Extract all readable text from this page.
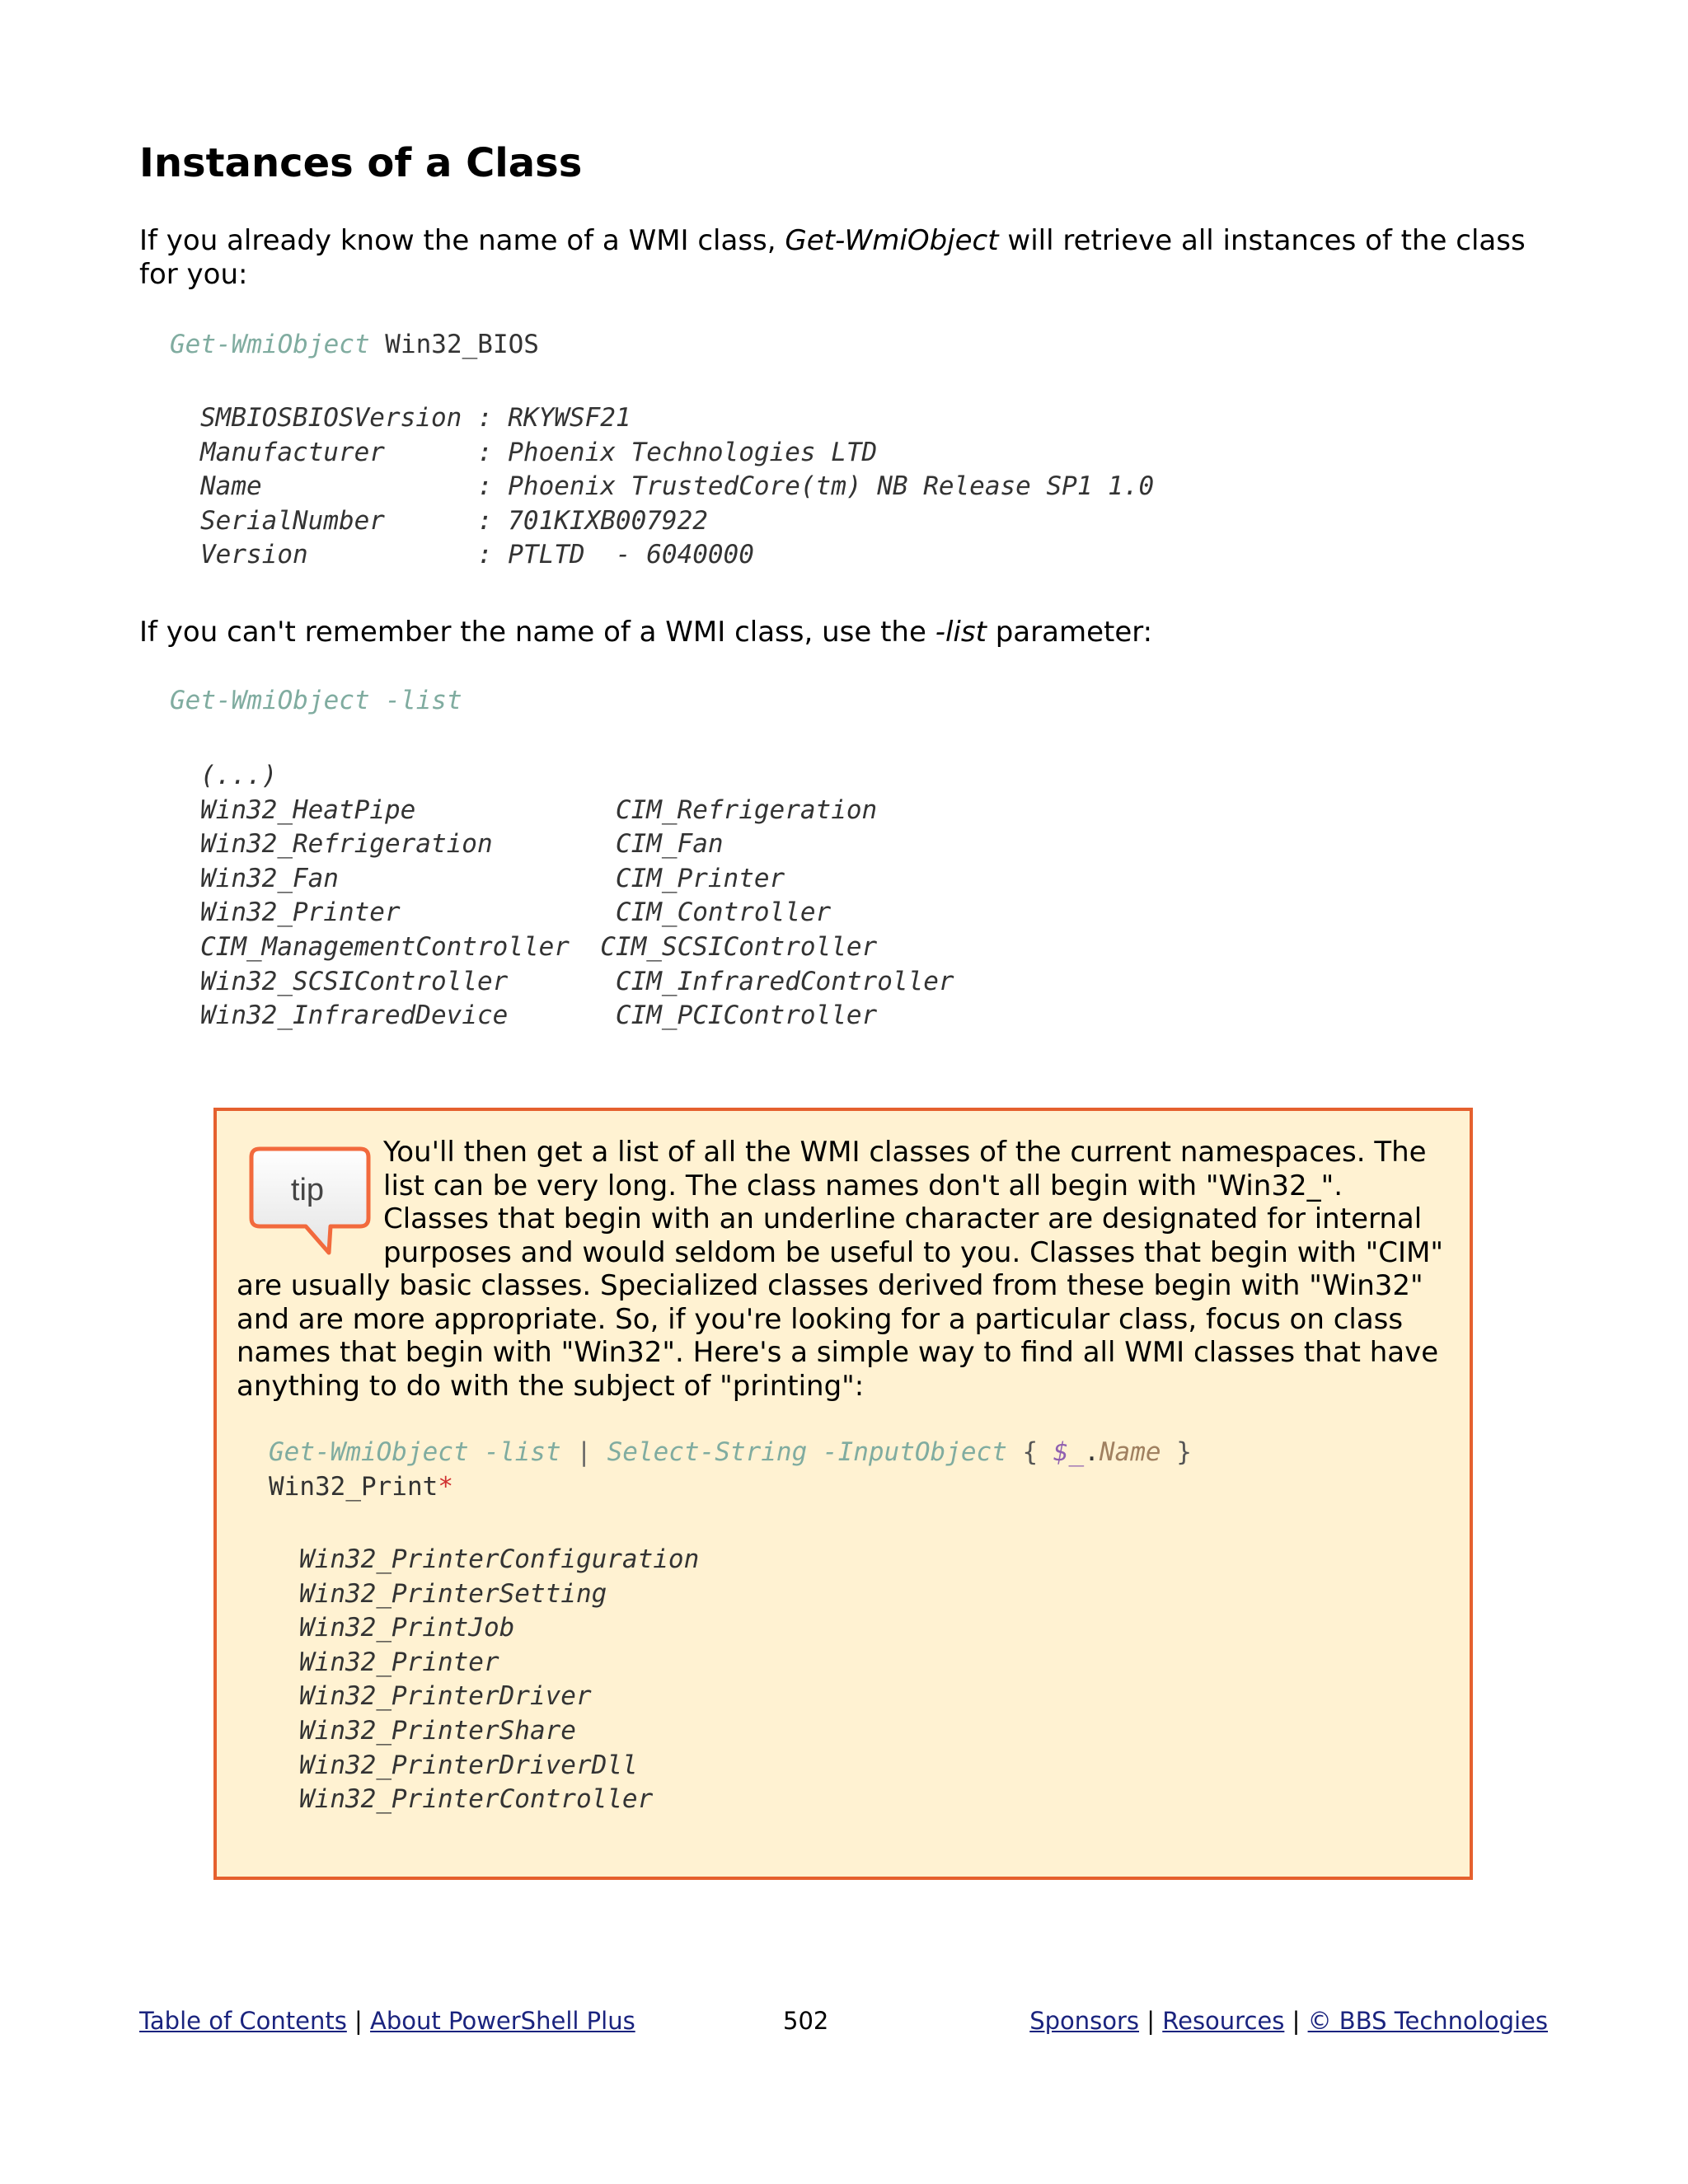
Instances of a Class

If you already know the name of a WMI class, Get-WmiObject will retrieve all instances of the class for you:

Get-WmiObject Win32_BIOS
SMBIOSBIOSVersion : RKYWSF21
Manufacturer      : Phoenix Technologies LTD
Name              : Phoenix TrustedCore(tm) NB Release SP1 1.0
SerialNumber      : 701KIXB007922
Version           : PTLTD  - 6040000

If you can't remember the name of a WMI class, use the -list parameter:

Get-WmiObject -list
(...)
Win32_HeatPipe             CIM_Refrigeration
Win32_Refrigeration        CIM_Fan
Win32_Fan                  CIM_Printer
Win32_Printer              CIM_Controller
CIM_ManagementController  CIM_SCSIController
Win32_SCSIController       CIM_InfraredController
Win32_InfraredDevice       CIM_PCIController
tip

You'll then get a list of all the WMI classes of the current namespaces. The list can be very long. The class names don't all begin with "Win32_". Classes that begin with an underline character are designated for internal purposes and would seldom be useful to you. Classes that begin with "CIM" are usually basic classes. Specialized classes derived from these begin with "Win32" and are more appropriate. So, if you're looking for a particular class, focus on class names that begin with "Win32". Here's a simple way to find all WMI classes that have anything to do with the subject of "printing":

Get-WmiObject -list | Select-String -InputObject { $_.Name }
Win32_Print*
Win32_PrinterConfiguration
Win32_PrinterSetting
Win32_PrintJob
Win32_Printer
Win32_PrinterDriver
Win32_PrinterShare
Win32_PrinterDriverDll
Win32_PrinterController
Table of Contents | About PowerShell Plus	502	Sponsors | Resources | © BBS Technologies
